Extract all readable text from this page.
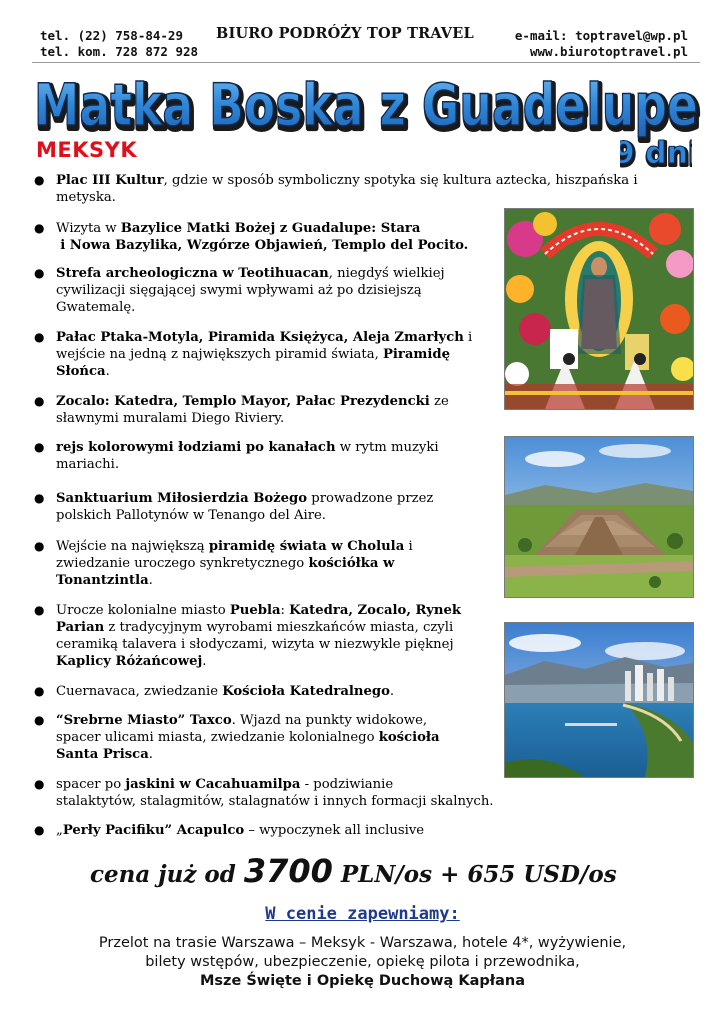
tel. (22) 758-84-29
tel. kom. 728 872 928
BIURO PODRÓŻY TOP TRAVEL	e-mail: toptravel@wp.pl
www.biurotoptravel.pl
Matka Boska z Guadelupe
Matka Boska z Guadelupe
MEKSYK	9 dn
9 dn
● Plac III Kultur, gdzie w sposób symboliczny spotyka się kultura aztecka, hiszpańska i
metyska.
● Wizyta w Bazylice Matki Bożej z Guadalupe: Stara
i Nowa Bazylika, Wzgórze Objawień, Templo del Pocito.
● Strefa archeologiczna w Teotihuacan, niegdyś wielkiej
cywilizacji sięgającej swymi wpływami aż po dzisiejszą
Gwatemalę.
● Pałac Ptaka-Motyla, Piramida Księżyca, Aleja Zmarłych i
wejście na jedną z największych piramid świata, Piramidę
Słońca.
● Zocalo: Katedra, Templo Mayor, Pałac Prezydencki ze
sławnymi muralami Diego Riviery.
● rejs kolorowymi łodziami po kanałach w rytm muzyki
mariachi.
● Sanktuarium Miłosierdzia Bożego prowadzone przez
polskich Pallotynów w Tenango del Aire.
● Wejście na największą piramidę świata w Cholula i
zwiedzanie uroczego synkretycznego kościółka w
Tonantzintla.
● Urocze kolonialne miasto Puebla: Katedra, Zocalo, Rynek
Parian z tradycyjnym wyrobami mieszkańców miasta, czyli
ceramiką talavera i słodyczami, wizyta w niezwykle pięknej
Kaplicy Różańcowej.
● Cuernavaca, zwiedzanie Kościoła Katedralnego.
● “Srebrne Miasto” Taxco. Wjazd na punkty widokowe,
spacer ulicami miasta, zwiedzanie kolonialnego kościoła
Santa Prisca.
● spacer po jaskini w Cacahuamilpa - podziwianie
stalaktytów, stalagmitów, stalagnatów i innych formacji skalnych.
● „Perły Pacifiku” Acapulco – wypoczynek all inclusive
cena już od 3700 PLN/os + 655 USD/os
W cenie zapewniamy:
Przelot na trasie Warszawa – Meksyk - Warszawa, hotele 4*, wyżywienie,
bilety wstępów, ubezpieczenie, opiekę pilota i przewodnika,
Msze Święte i Opiekę Duchową Kapłana
